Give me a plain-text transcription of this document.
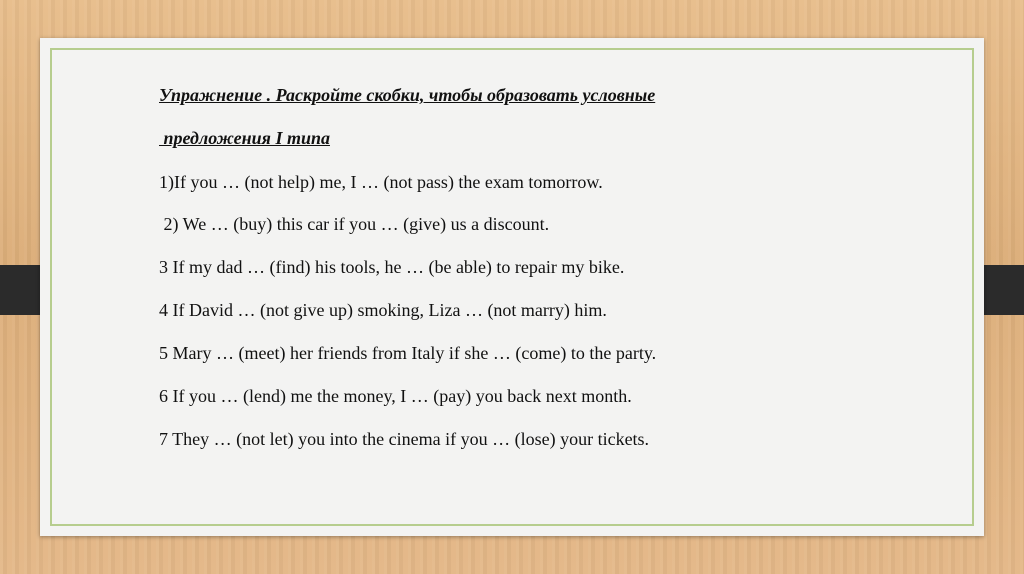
Упражнение . Раскройте скобки, чтобы образовать условные
предложения I типа
1)If you … (not help) me, I … (not pass) the exam tomorrow.
2) We … (buy) this car if you … (give) us a discount.
3 If my dad … (find) his tools, he … (be able) to repair my bike.
4 If David … (not give up) smoking, Liza … (not marry) him.
5 Mary … (meet) her friends from Italy if she … (come) to the party.
6 If you … (lend) me the money, I … (pay) you back next month.
7 They … (not let) you into the cinema if you … (lose) your tickets.
